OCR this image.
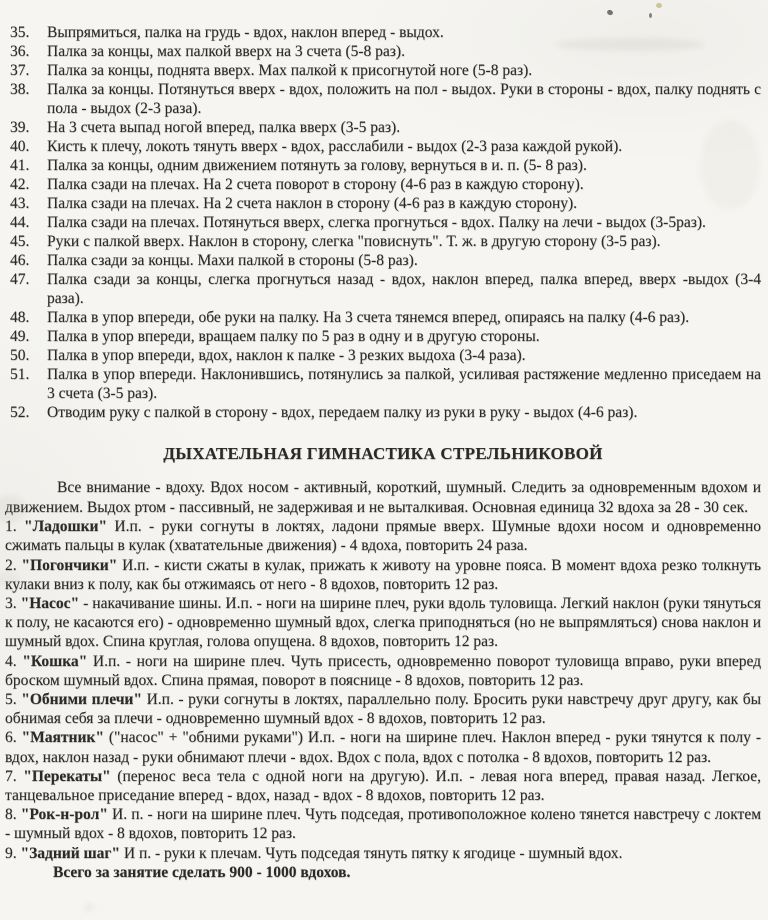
35. Выпрямиться, палка на грудь - вдох, наклон вперед - выдох.
36. Палка за концы, мах палкой вверх на 3 счета (5-8 раз).
37. Палка за концы, поднята вверх. Мах палкой к присогнутой ноге (5-8 раз).
38. Палка за концы. Потянуться вверх - вдох, положить на пол - выдох. Руки в стороны - вдох, палку поднять с пола - выдох (2-3 раза).
39. На 3 счета выпад ногой вперед, палка вверх (3-5 раз).
40. Кисть к плечу, локоть тянуть вверх - вдох, расслабили - выдох (2-3 раза каждой рукой).
41. Палка за концы, одним движением потянуть за голову, вернуться в и. п. (5- 8 раз).
42. Палка сзади на плечах. На 2 счета поворот в сторону (4-6 раз в каждую сторону).
43. Палка сзади на плечах. На 2 счета наклон в сторону (4-6 раз в каждую сторону).
44. Палка сзади на плечах. Потянуться вверх, слегка прогнуться - вдох. Палку на лечи - выдох (3-5раз).
45. Руки с палкой вверх. Наклон в сторону, слегка "повиснуть". Т. ж. в другую сторону (3-5 раз).
46. Палка сзади за концы. Махи палкой в стороны (5-8 раз).
47. Палка сзади за концы, слегка прогнуться назад - вдох, наклон вперед, палка вперед, вверх -выдох (3-4 раза).
48. Палка в упор впереди, обе руки на палку. На 3 счета тянемся вперед, опираясь на палку (4-6 раз).
49. Палка в упор впереди, вращаем палку по 5 раз в одну и в другую стороны.
50. Палка в упор впереди, вдох, наклон к палке - 3 резких выдоха (3-4 раза).
51. Палка в упор впереди. Наклонившись, потянулись за палкой, усиливая растяжение медленно приседаем на 3 счета (3-5 раз).
52. Отводим руку с палкой в сторону - вдох, передаем палку из руки в руку - выдох (4-6 раз).
ДЫХАТЕЛЬНАЯ ГИМНАСТИКА СТРЕЛЬНИКОВОЙ

Все внимание - вдоху. Вдох носом - активный, короткий, шумный. Следить за одновременным вдохом и движением. Выдох ртом - пассивный, не задерживая и не выталкивая. Основная единица 32 вдоха за 28 - 30 сек.

1. "Ладошки" И.п. - руки согнуты в локтях, ладони прямые вверх. Шумные вдохи носом и одновременно сжимать пальцы в кулак (хватательные движения) - 4 вдоха, повторить 24 раза.
2. "Погончики" И.п. - кисти сжаты в кулак, прижать к животу на уровне пояса. В момент вдоха резко толкнуть кулаки вниз к полу, как бы отжимаясь от него - 8 вдохов, повторить 12 раз.
3. "Насос" - накачивание шины. И.п. - ноги на ширине плеч, руки вдоль туловища. Легкий наклон (руки тянуться к полу, не касаются его) - одновременно шумный вдох, слегка приподняться (но не выпрямляться) снова наклон и шумный вдох. Спина круглая, голова опущена. 8 вдохов, повторить 12 раз.
4. "Кошка" И.п. - ноги на ширине плеч. Чуть присесть, одновременно поворот туловища вправо, руки вперед броском шумный вдох. Спина прямая, поворот в пояснице - 8 вдохов, повторить 12 раз.
5. "Обними плечи" И.п. - руки согнуты в локтях, параллельно полу. Бросить руки навстречу друг другу, как бы обнимая себя за плечи - одновременно шумный вдох - 8 вдохов, повторить 12 раз.
6. "Маятник" ("насос" + "обними руками") И.п. - ноги на ширине плеч. Наклон вперед - руки тянутся к полу - вдох, наклон назад - руки обнимают плечи - вдох. Вдох с пола, вдох с потолка - 8 вдохов, повторить 12 раз.
7. "Перекаты" (перенос веса тела с одной ноги на другую). И.п. - левая нога вперед, правая назад. Легкое, танцевальное приседание вперед - вдох, назад - вдох - 8 вдохов, повторить 12 раз.
8. "Рок-н-рол" И. п. - ноги на ширине плеч. Чуть подседая, противоположное колено тянется навстречу с локтем - шумный вдох - 8 вдохов, повторить 12 раз.
9. "Задний шаг" И п. - руки к плечам. Чуть подседая тянуть пятку к ягодице - шумный вдох.
Всего за занятие сделать 900 - 1000 вдохов.
